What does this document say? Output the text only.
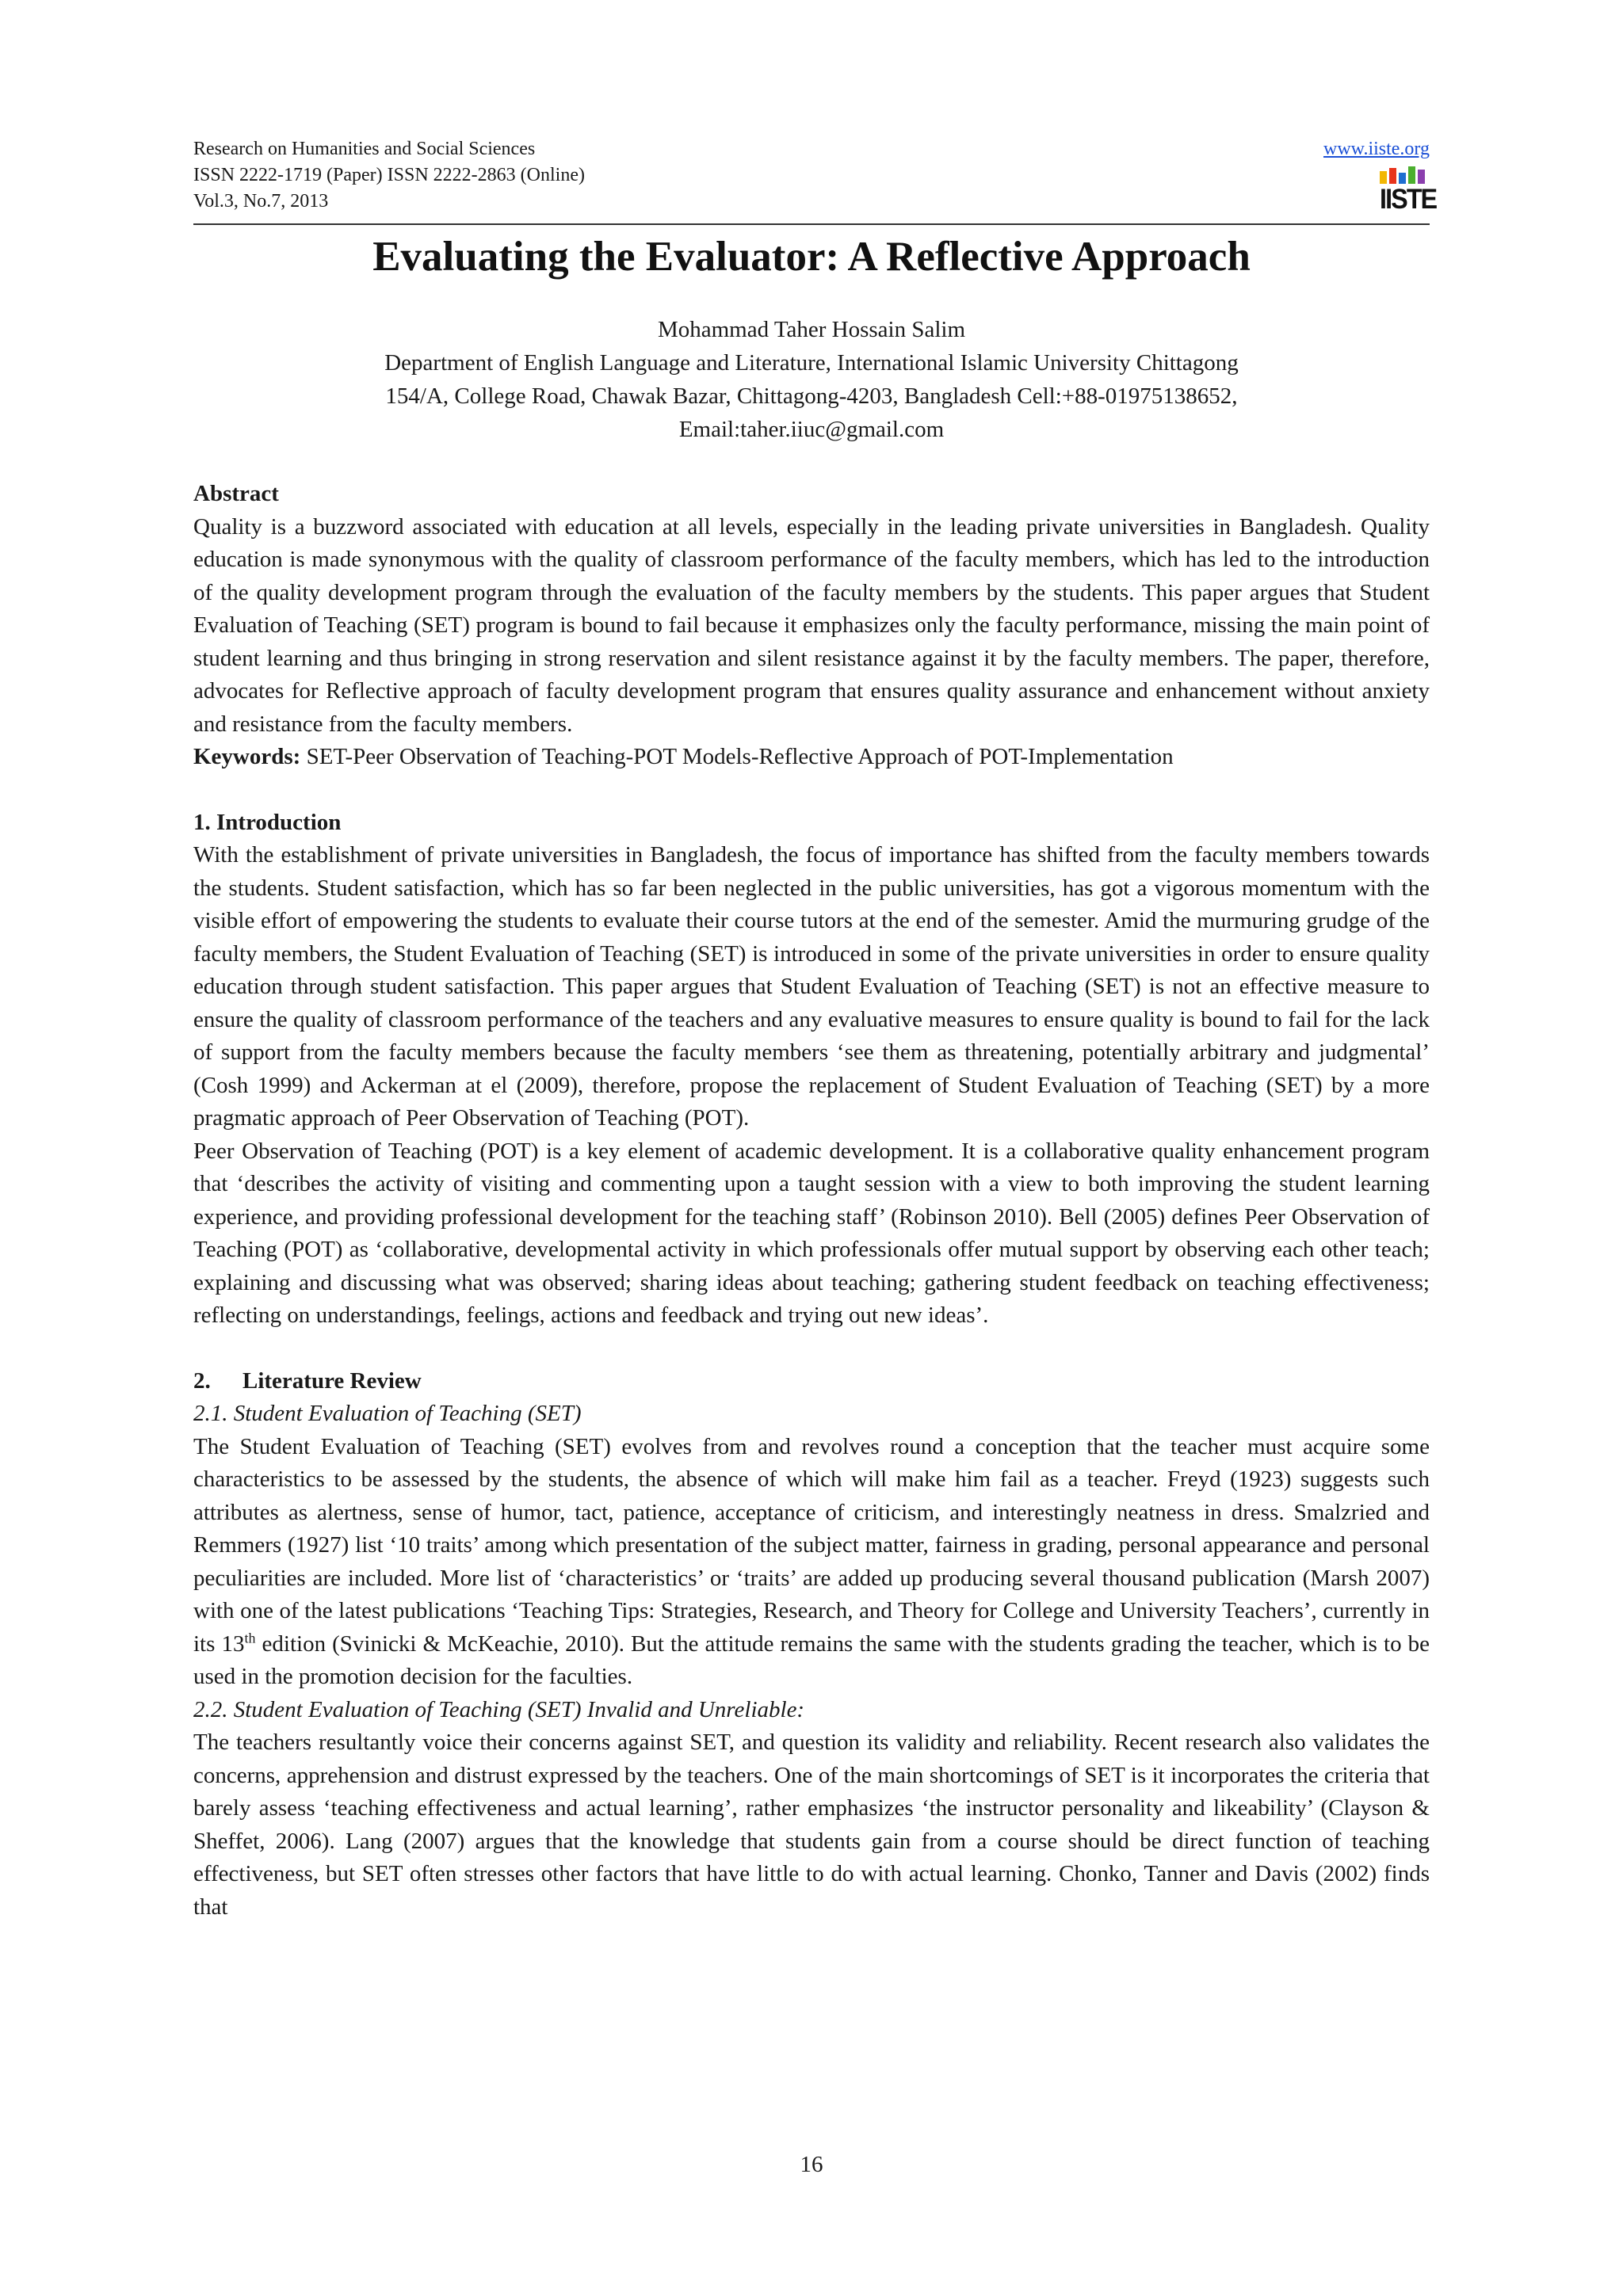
Research on Humanities and Social Sciences
ISSN 2222-1719 (Paper) ISSN 2222-2863 (Online)
Vol.3, No.7, 2013
www.iiste.org
IISTE
Evaluating the Evaluator: A Reflective Approach
Mohammad Taher Hossain Salim
Department of English Language and Literature, International Islamic University Chittagong
154/A, College Road, Chawak Bazar, Chittagong-4203, Bangladesh Cell:+88-01975138652,
Email:taher.iiuc@gmail.com

Abstract

Quality is a buzzword associated with education at all levels, especially in the leading private universities in Bangladesh. Quality education is made synonymous with the quality of classroom performance of the faculty members, which has led to the introduction of the quality development program through the evaluation of the faculty members by the students. This paper argues that Student Evaluation of Teaching (SET) program is bound to fail because it emphasizes only the faculty performance, missing the main point of student learning and thus bringing in strong reservation and silent resistance against it by the faculty members. The paper, therefore, advocates for Reflective approach of faculty development program that ensures quality assurance and enhancement without anxiety and resistance from the faculty members.

Keywords: SET-Peer Observation of Teaching-POT Models-Reflective Approach of POT-Implementation

1. Introduction

With the establishment of private universities in Bangladesh, the focus of importance has shifted from the faculty members towards the students. Student satisfaction, which has so far been neglected in the public universities, has got a vigorous momentum with the visible effort of empowering the students to evaluate their course tutors at the end of the semester. Amid the murmuring grudge of the faculty members, the Student Evaluation of Teaching (SET) is introduced in some of the private universities in order to ensure quality education through student satisfaction. This paper argues that Student Evaluation of Teaching (SET) is not an effective measure to ensure the quality of classroom performance of the teachers and any evaluative measures to ensure quality is bound to fail for the lack of support from the faculty members because the faculty members ‘see them as threatening, potentially arbitrary and judgmental’ (Cosh 1999) and Ackerman at el (2009), therefore, propose the replacement of Student Evaluation of Teaching (SET) by a more pragmatic approach of Peer Observation of Teaching (POT).

Peer Observation of Teaching (POT) is a key element of academic development. It is a collaborative quality enhancement program that ‘describes the activity of visiting and commenting upon a taught session with a view to both improving the student learning experience, and providing professional development for the teaching staff’ (Robinson 2010). Bell (2005) defines Peer Observation of Teaching (POT) as ‘collaborative, developmental activity in which professionals offer mutual support by observing each other teach; explaining and discussing what was observed; sharing ideas about teaching; gathering student feedback on teaching effectiveness; reflecting on understandings, feelings, actions and feedback and trying out new ideas’.

2. Literature Review

2.1. Student Evaluation of Teaching (SET)

The Student Evaluation of Teaching (SET) evolves from and revolves round a conception that the teacher must acquire some characteristics to be assessed by the students, the absence of which will make him fail as a teacher. Freyd (1923) suggests such attributes as alertness, sense of humor, tact, patience, acceptance of criticism, and interestingly neatness in dress. Smalzried and Remmers (1927) list ‘10 traits’ among which presentation of the subject matter, fairness in grading, personal appearance and personal peculiarities are included. More list of ‘characteristics’ or ‘traits’ are added up producing several thousand publication (Marsh 2007) with one of the latest publications ‘Teaching Tips: Strategies, Research, and Theory for College and University Teachers’, currently in its 13th edition (Svinicki & McKeachie, 2010). But the attitude remains the same with the students grading the teacher, which is to be used in the promotion decision for the faculties.

2.2. Student Evaluation of Teaching (SET) Invalid and Unreliable:

The teachers resultantly voice their concerns against SET, and question its validity and reliability. Recent research also validates the concerns, apprehension and distrust expressed by the teachers. One of the main shortcomings of SET is it incorporates the criteria that barely assess ‘teaching effectiveness and actual learning’, rather emphasizes ‘the instructor personality and likeability’ (Clayson & Sheffet, 2006). Lang (2007) argues that the knowledge that students gain from a course should be direct function of teaching effectiveness, but SET often stresses other factors that have little to do with actual learning. Chonko, Tanner and Davis (2002) finds that

16
